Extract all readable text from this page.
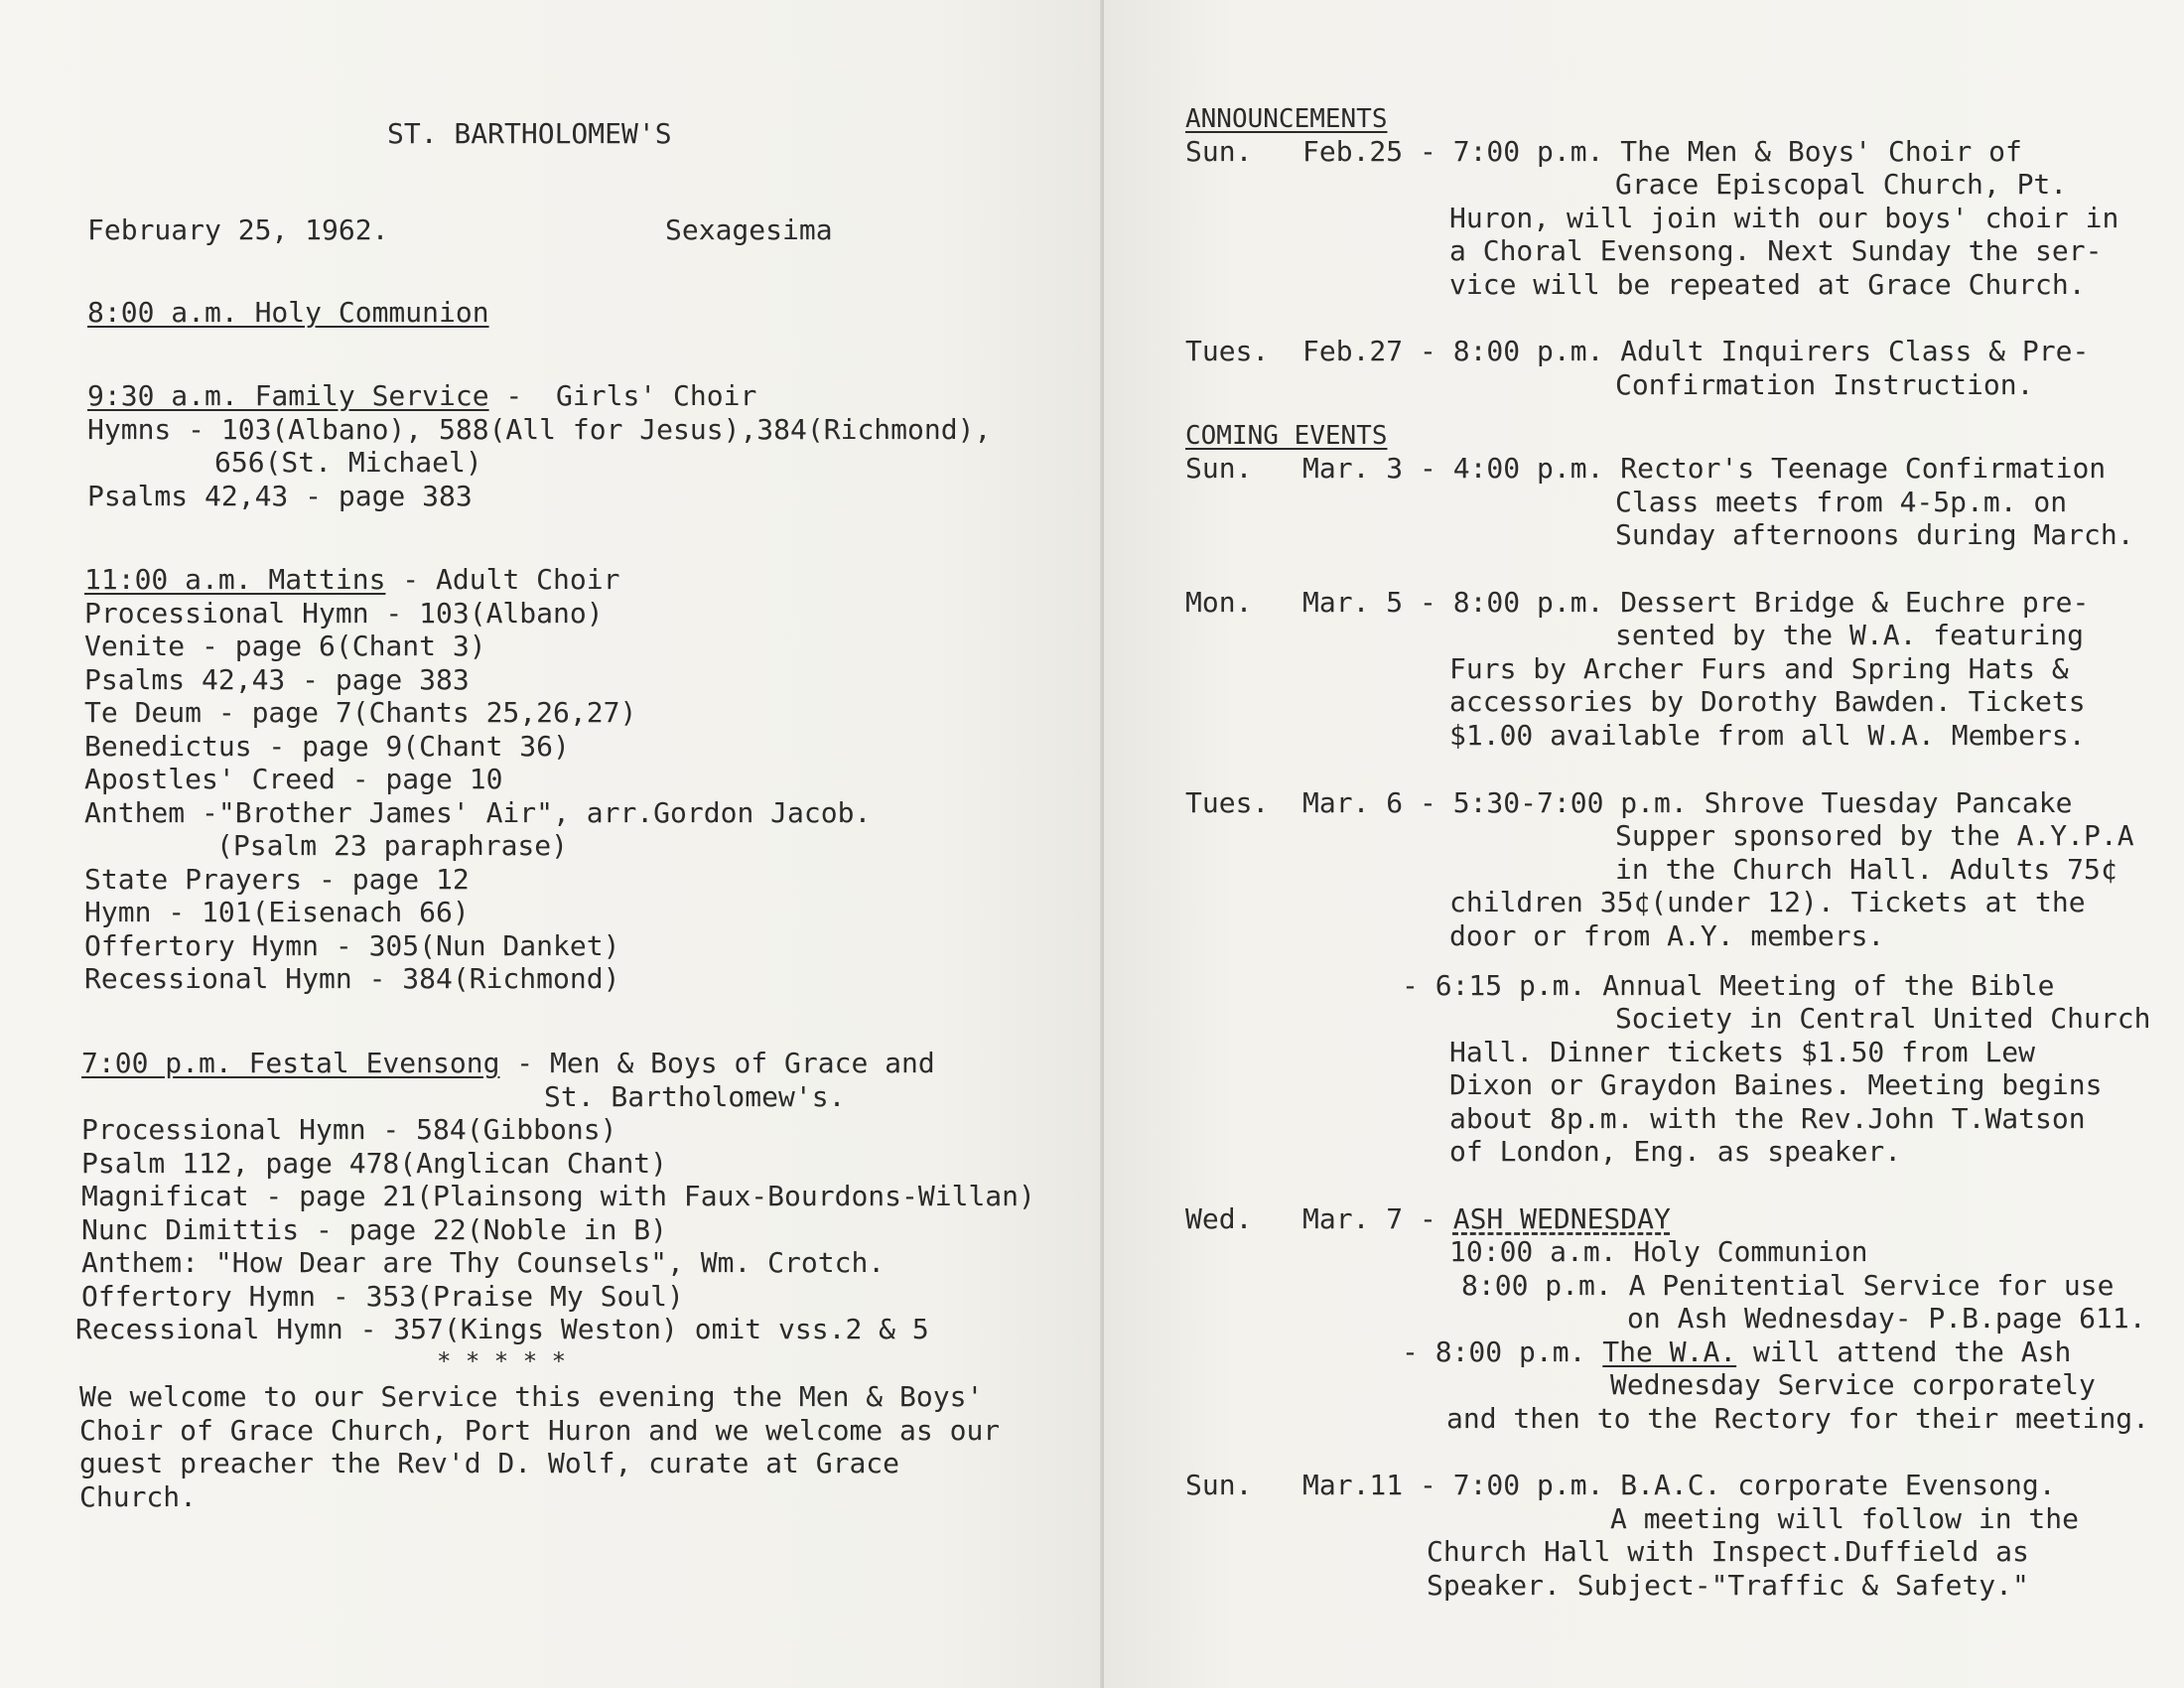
ST. BARTHOLOMEW'S
February 25, 1962.	Sexagesima
8:00 a.m. Holy Communion
9:30 a.m. Family Service -  Girls' Choir
Hymns - 103(Albano), 588(All for Jesus),384(Richmond),
656(St. Michael)
Psalms 42,43 - page 383
11:00 a.m. Mattins - Adult Choir
Processional Hymn - 103(Albano)
Venite - page 6(Chant 3)
Psalms 42,43 - page 383
Te Deum - page 7(Chants 25,26,27)
Benedictus - page 9(Chant 36)
Apostles' Creed - page 10
Anthem -"Brother James' Air", arr.Gordon Jacob.
(Psalm 23 paraphrase)
State Prayers - page 12
Hymn - 101(Eisenach 66)
Offertory Hymn - 305(Nun Danket)
Recessional Hymn - 384(Richmond)
7:00 p.m. Festal Evensong - Men & Boys of Grace and
St. Bartholomew's.
Processional Hymn - 584(Gibbons)
Psalm 112, page 478(Anglican Chant)
Magnificat - page 21(Plainsong with Faux-Bourdons-Willan)
Nunc Dimittis - page 22(Noble in B)
Anthem: "How Dear are Thy Counsels", Wm. Crotch.
Offertory Hymn - 353(Praise My Soul)
Recessional Hymn - 357(Kings Weston) omit vss.2 & 5
* * * * *
We welcome to our Service this evening the Men & Boys'
Choir of Grace Church, Port Huron and we welcome as our
guest preacher the Rev'd D. Wolf, curate at Grace
Church.
ANNOUNCEMENTS
Sun.   Feb.25 - 7:00 p.m. The Men & Boys' Choir of
Grace Episcopal Church, Pt.
Huron, will join with our boys' choir in
a Choral Evensong. Next Sunday the ser-
vice will be repeated at Grace Church.
Tues.  Feb.27 - 8:00 p.m. Adult Inquirers Class & Pre-
Confirmation Instruction.
COMING EVENTS
Sun.   Mar. 3 - 4:00 p.m. Rector's Teenage Confirmation
Class meets from 4-5p.m. on
Sunday afternoons during March.
Mon.   Mar. 5 - 8:00 p.m. Dessert Bridge & Euchre pre-
sented by the W.A. featuring
Furs by Archer Furs and Spring Hats &
accessories by Dorothy Bawden. Tickets
$1.00 available from all W.A. Members.
Tues.  Mar. 6 - 5:30-7:00 p.m. Shrove Tuesday Pancake
Supper sponsored by the A.Y.P.A
in the Church Hall. Adults 75¢
children 35¢(under 12). Tickets at the
door or from A.Y. members.
- 6:15 p.m. Annual Meeting of the Bible
Society in Central United Church
Hall. Dinner tickets $1.50 from Lew
Dixon or Graydon Baines. Meeting begins
about 8p.m. with the Rev.John T.Watson
of London, Eng. as speaker.
Wed.   Mar. 7 - ASH WEDNESDAY
10:00 a.m. Holy Communion
8:00 p.m. A Penitential Service for use
on Ash Wednesday- P.B.page 611.
- 8:00 p.m. The W.A. will attend the Ash
Wednesday Service corporately
and then to the Rectory for their meeting.
Sun.   Mar.11 - 7:00 p.m. B.A.C. corporate Evensong.
A meeting will follow in the
Church Hall with Inspect.Duffield as
Speaker. Subject-"Traffic & Safety."
